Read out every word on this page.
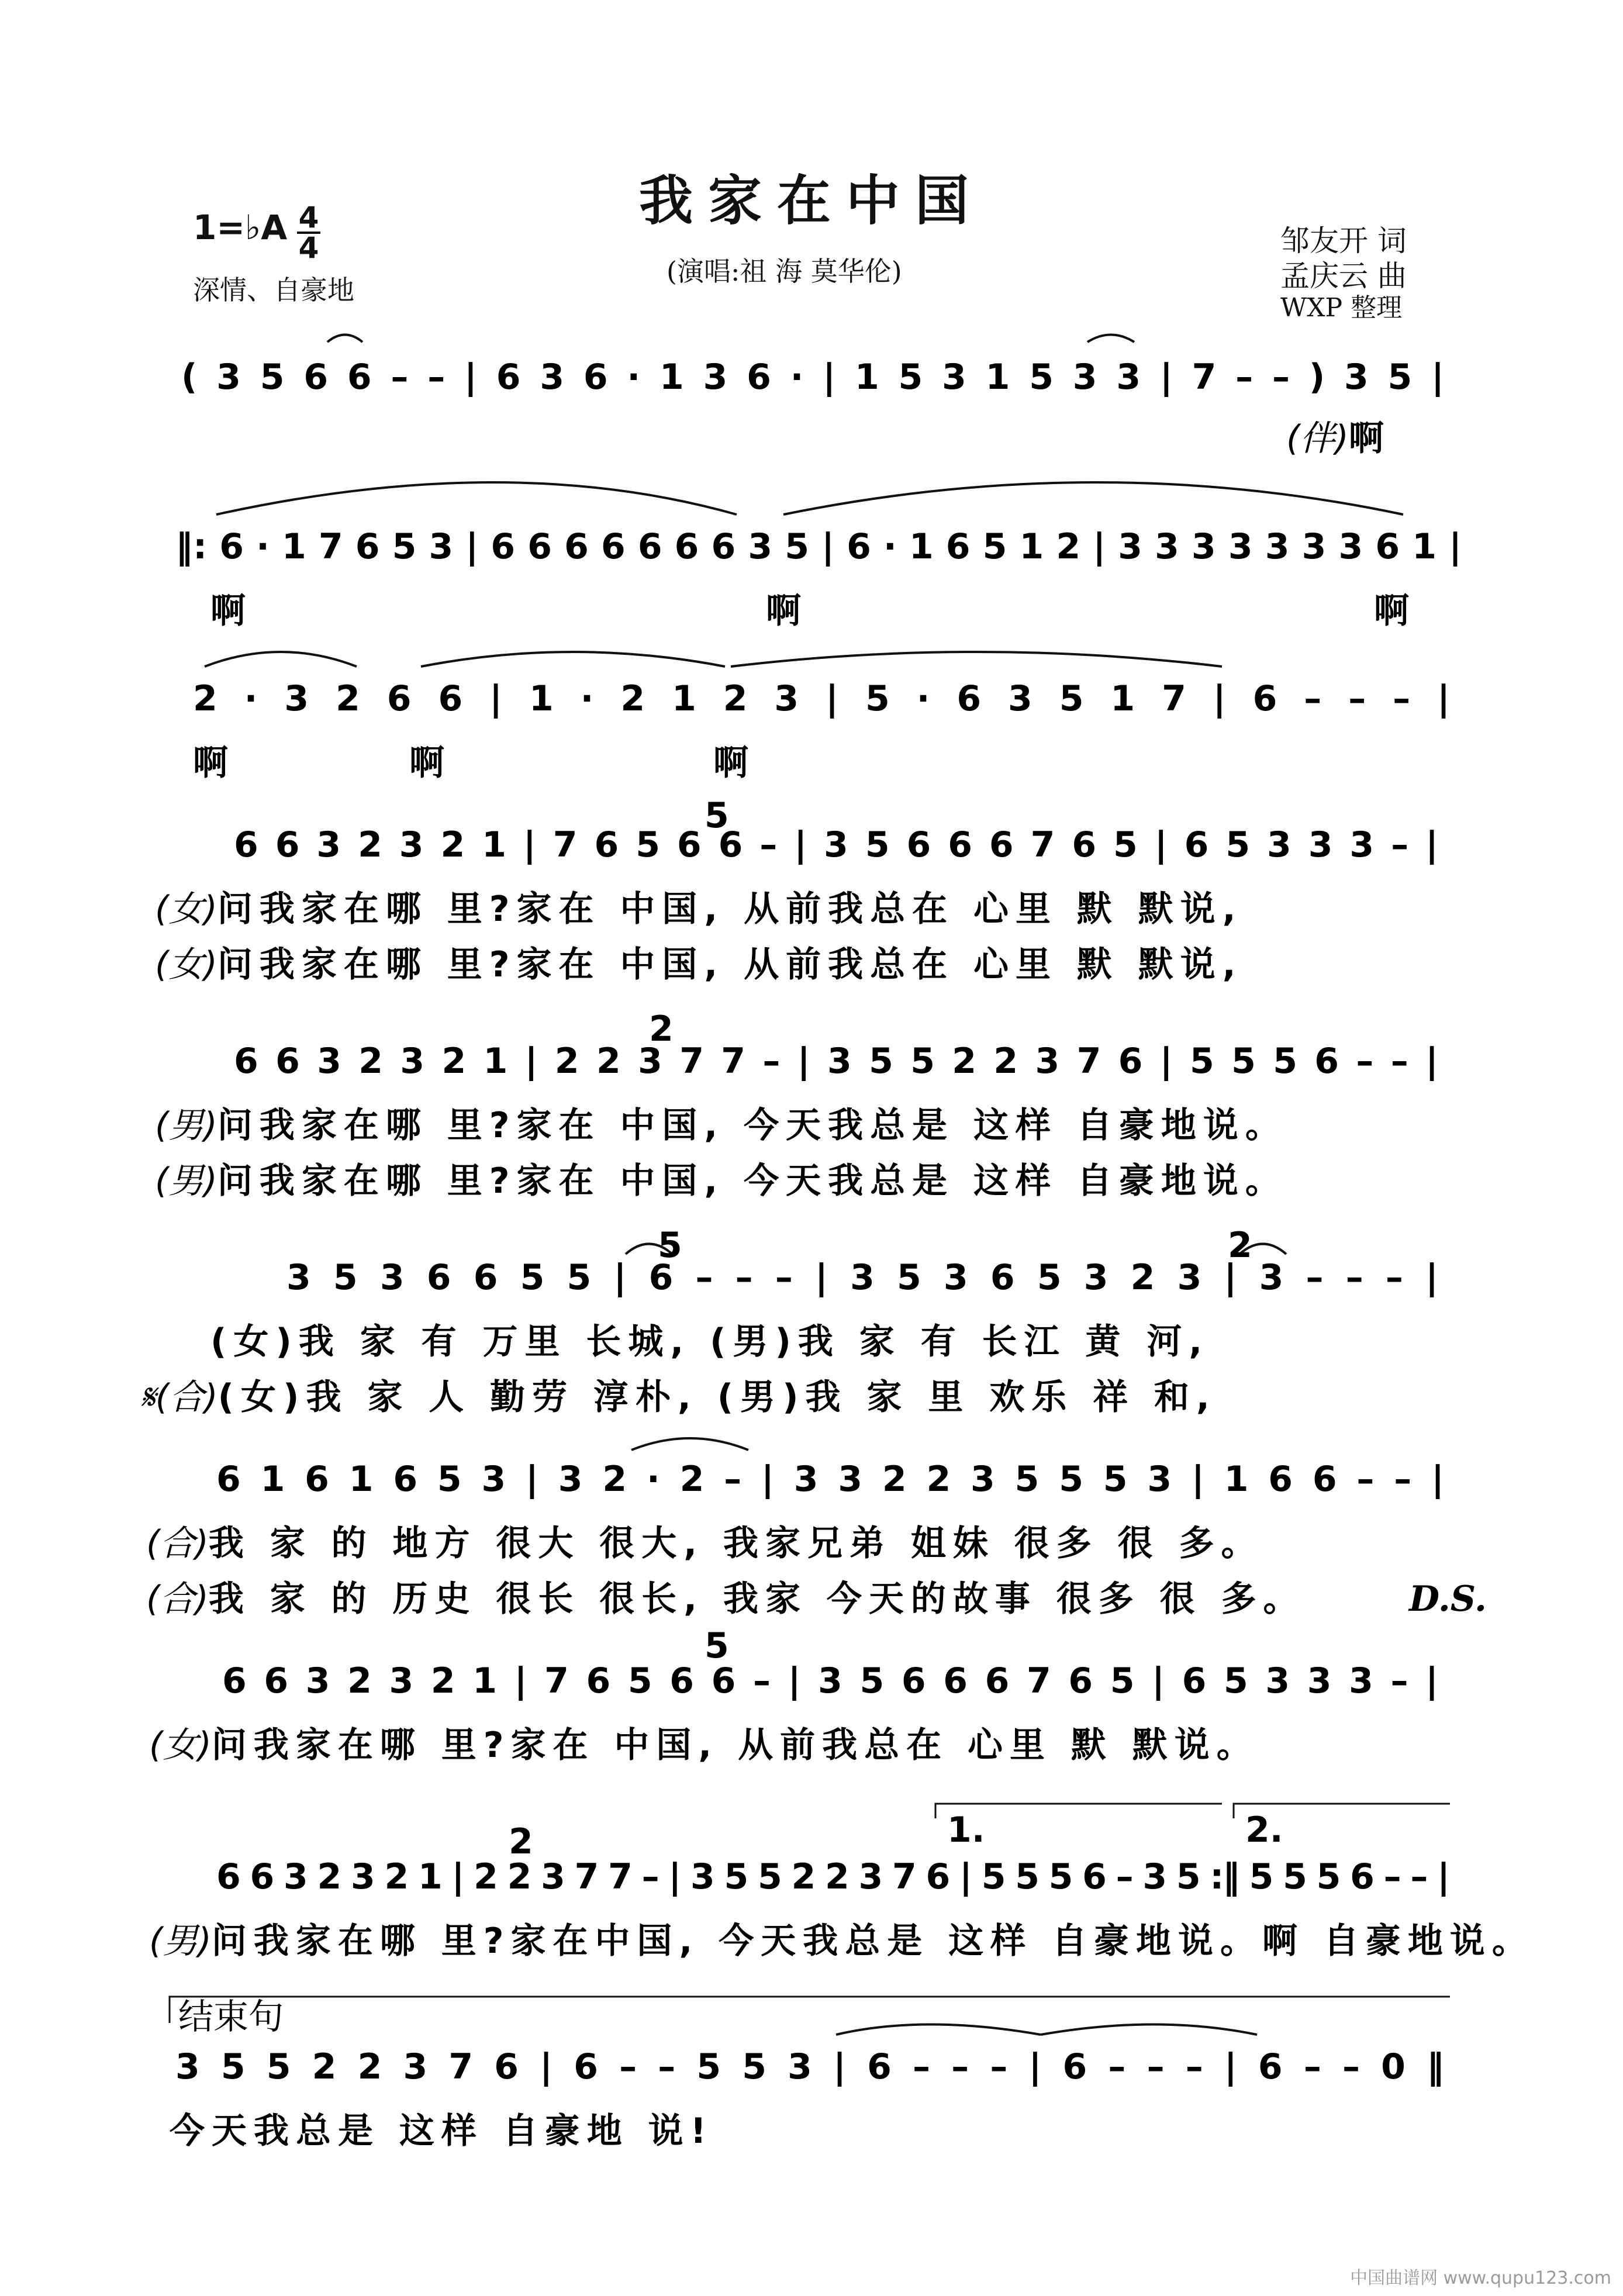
我家在中国
(演唱:祖 海 莫华伦)
1=♭A 4
4
深情、自豪地
邹友开 词
孟庆云 曲
WXP 整理
( 3 5 6 6 – – | 6 3 6 · 1 3 6 · | 1 5 3 1 5 3 3 | 7 – – ) 3 5 |
(伴)啊
‖: 6 · 1 7 6 5 3 | 6 6 6 6 6 6 6 3 5 | 6 · 1 6 5 1 2 | 3 3 3 3 3 3 3 6 1 |
啊	啊	啊
2 · 3 2 6 6 | 1 · 2 1 2 3 | 5 · 6 3 5 1 7 | 6 – – – |
啊	啊	啊
5
6 6 3 2 3 2 1 | 7 6 5 6 6 – | 3 5 6 6 6 7 6 5 | 6 5 3 3 3 – |
(女)问我家在哪 里?家在 中国, 从前我总在 心里 默 默说,
(女)问我家在哪 里?家在 中国, 从前我总在 心里 默 默说,
2
6 6 3 2 3 2 1 | 2 2 3 7 7 – | 3 5 5 2 2 3 7 6 | 5 5 5 6 – – |
(男)问我家在哪 里?家在 中国, 今天我总是 这样 自豪地说。
(男)问我家在哪 里?家在 中国, 今天我总是 这样 自豪地说。
5	2
3 5 3 6 6 5 5 | 6 – – – | 3 5 3 6 5 3 2 3 | 3 – – – |
(女)我 家 有 万里 长城, (男)我 家 有 长江 黄 河,
𝄋(合)(女)我 家 人 勤劳 淳朴, (男)我 家 里 欢乐 祥 和,
6 1 6 1 6 5 3 | 3 2 · 2 – | 3 3 2 2 3 5 5 5 3 | 1 6 6 – – |
(合)我 家 的 地方 很大 很大, 我家兄弟 姐妹 很多 很 多。
(合)我 家 的 历史 很长 很长, 我家 今天的故事 很多 很 多。	D.S.
5
6 6 3 2 3 2 1 | 7 6 5 6 6 – | 3 5 6 6 6 7 6 5 | 6 5 3 3 3 – |
(女)问我家在哪 里?家在 中国, 从前我总在 心里 默 默说。
1.	2.
2
6 6 3 2 3 2 1 | 2 2 3 7 7 – | 3 5 5 2 2 3 7 6 | 5 5 5 6 – 3 5 :‖ 5 5 5 6 – – |
(男)问我家在哪 里?家在中国, 今天我总是 这样 自豪地说。啊 自豪地说。
结束句
3 5 5 2 2 3 7 6 | 6 – – 5 5 3 | 6 – – – | 6 – – – | 6 – – 0 ‖
今天我总是 这样 自豪地 说!
中国曲谱网 www.qupu123.com
